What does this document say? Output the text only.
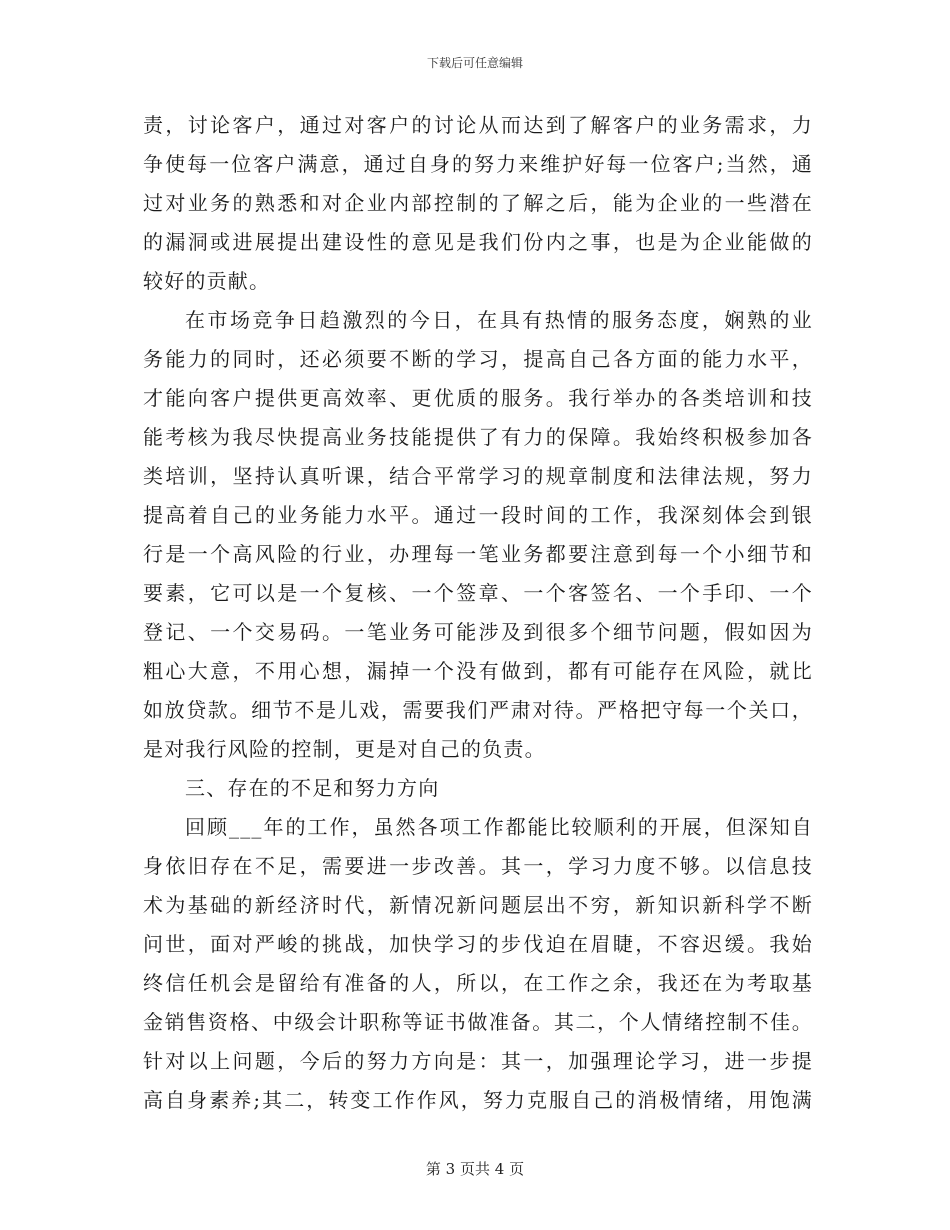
下载后可任意编辑
责，讨论客户，通过对客户的讨论从而达到了解客户的业务需求，力
争使每一位客户满意，通过自身的努力来维护好每一位客户;当然，通
过对业务的熟悉和对企业内部控制的了解之后，能为企业的一些潜在
的漏洞或进展提出建设性的意见是我们份内之事，也是为企业能做的
较好的贡献。
在市场竞争日趋激烈的今日，在具有热情的服务态度，娴熟的业
务能力的同时，还必须要不断的学习，提高自己各方面的能力水平，
才能向客户提供更高效率、更优质的服务。我行举办的各类培训和技
能考核为我尽快提高业务技能提供了有力的保障。我始终积极参加各
类培训，坚持认真听课，结合平常学习的规章制度和法律法规，努力
提高着自己的业务能力水平。通过一段时间的工作，我深刻体会到银
行是一个高风险的行业，办理每一笔业务都要注意到每一个小细节和
要素，它可以是一个复核、一个签章、一个客签名、一个手印、一个
登记、一个交易码。一笔业务可能涉及到很多个细节问题，假如因为
粗心大意，不用心想，漏掉一个没有做到，都有可能存在风险，就比
如放贷款。细节不是儿戏，需要我们严肃对待。严格把守每一个关口，
是对我行风险的控制，更是对自己的负责。
三、存在的不足和努力方向
回顾___年的工作，虽然各项工作都能比较顺利的开展，但深知自
身依旧存在不足，需要进一步改善。其一，学习力度不够。以信息技
术为基础的新经济时代，新情况新问题层出不穷，新知识新科学不断
问世，面对严峻的挑战，加快学习的步伐迫在眉睫，不容迟缓。我始
终信任机会是留给有准备的人，所以，在工作之余，我还在为考取基
金销售资格、中级会计职称等证书做准备。其二，个人情绪控制不佳。
针对以上问题，今后的努力方向是：其一，加强理论学习，进一步提
高自身素养;其二，转变工作作风，努力克服自己的消极情绪，用饱满
第 3 页共 4 页
